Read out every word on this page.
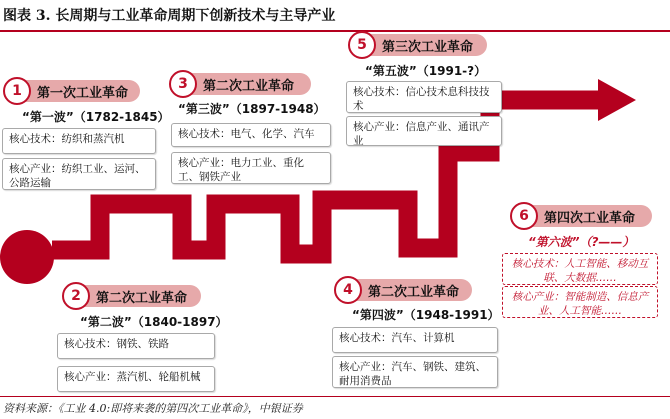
图表 3. 长周期与工业革命周期下创新技术与主导产业
1	第一次工业革命
“第一波”（1782-1845）
核心技术：纺织和蒸汽机
核心产业：纺织工业、运河、公路运输
3	第二次工业革命
“第三波”（1897-1948）
核心技术：电气、化学、汽车
核心产业：电力工业、重化工、钢铁产业
5	第三次工业革命
“第五波”（1991-?）
核心技术：信心技术息科技技术
核心产业：信息产业、通讯产业
2	第二次工业革命
“第二波”（1840-1897）
核心技术：钢铁、铁路
核心产业：蒸汽机、轮船机械
4	第二次工业革命
“第四波”（1948-1991）
核心技术：汽车、计算机
核心产业：汽车、钢铁、建筑、耐用消费品
6	第四次工业革命
“第六波”（?——）
核心技术：人工智能、移动互联、大数据……
核心产业：智能制造、信息产业、人工智能……
资料来源：《工业 4.0:即将来袭的第四次工业革命》，中银证券
